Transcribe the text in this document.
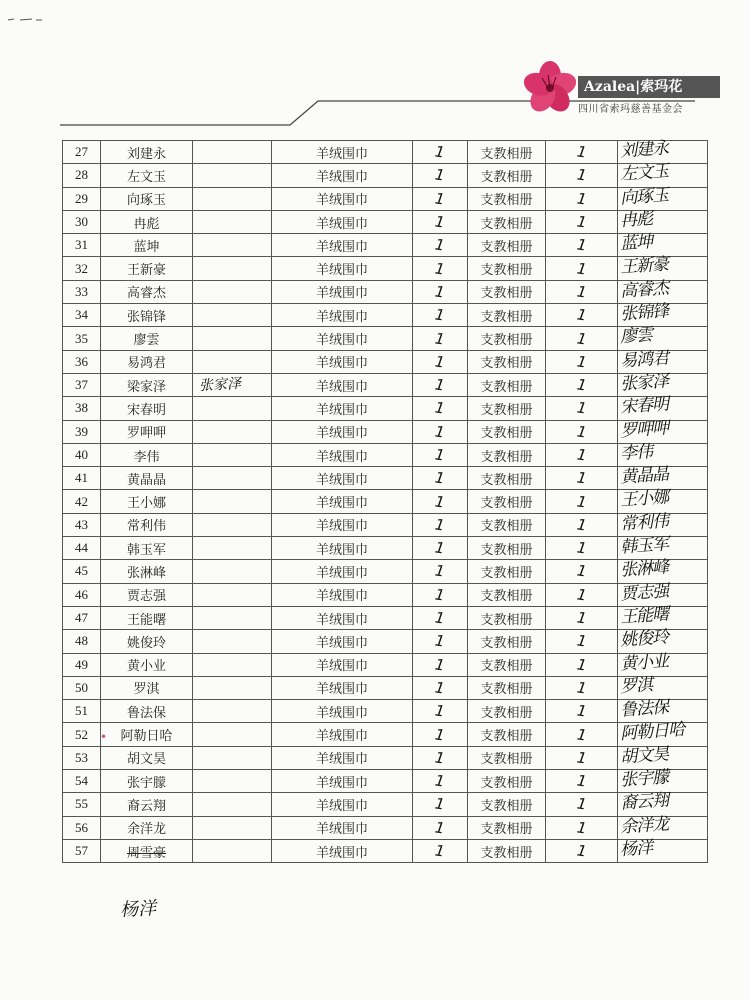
Azalea|索玛花
四川省索玛慈善基金会
27	刘建永		羊绒围巾	1	支教相册	1	刘建永

28	左文玉		羊绒围巾	1	支教相册	1	左文玉

29	向琢玉		羊绒围巾	1	支教相册	1	向琢玉

30	冉彪		羊绒围巾	1	支教相册	1	冉彪

31	蓝坤		羊绒围巾	1	支教相册	1	蓝坤

32	王新豪		羊绒围巾	1	支教相册	1	王新豪

33	高睿杰		羊绒围巾	1	支教相册	1	高睿杰

34	张锦锋		羊绒围巾	1	支教相册	1	张锦锋

35	廖雲		羊绒围巾	1	支教相册	1	廖雲

36	易鸿君		羊绒围巾	1	支教相册	1	易鸿君

37	梁家泽	张家泽	羊绒围巾	1	支教相册	1	张家泽

38	宋春明		羊绒围巾	1	支教相册	1	宋春明

39	罗呷呷		羊绒围巾	1	支教相册	1	罗呷呷

40	李伟		羊绒围巾	1	支教相册	1	李伟

41	黄晶晶		羊绒围巾	1	支教相册	1	黄晶晶

42	王小娜		羊绒围巾	1	支教相册	1	王小娜

43	常利伟		羊绒围巾	1	支教相册	1	常利伟

44	韩玉军		羊绒围巾	1	支教相册	1	韩玉军

45	张淋峰		羊绒围巾	1	支教相册	1	张淋峰

46	贾志强		羊绒围巾	1	支教相册	1	贾志强

47	王能曙		羊绒围巾	1	支教相册	1	王能曙

48	姚俊玲		羊绒围巾	1	支教相册	1	姚俊玲

49	黄小业		羊绒围巾	1	支教相册	1	黄小业

50	罗淇		羊绒围巾	1	支教相册	1	罗淇

51	鲁法保		羊绒围巾	1	支教相册	1	鲁法保

52	阿勒日哈		羊绒围巾	1	支教相册	1	阿勒日哈

53	胡文昊		羊绒围巾	1	支教相册	1	胡文昊

54	张宇朦		羊绒围巾	1	支教相册	1	张宇朦

55	裔云翔		羊绒围巾	1	支教相册	1	裔云翔

56	余洋龙		羊绒围巾	1	支教相册	1	余洋龙

57	周雪豪		羊绒围巾	1	支教相册	1	杨洋
•
杨洋
